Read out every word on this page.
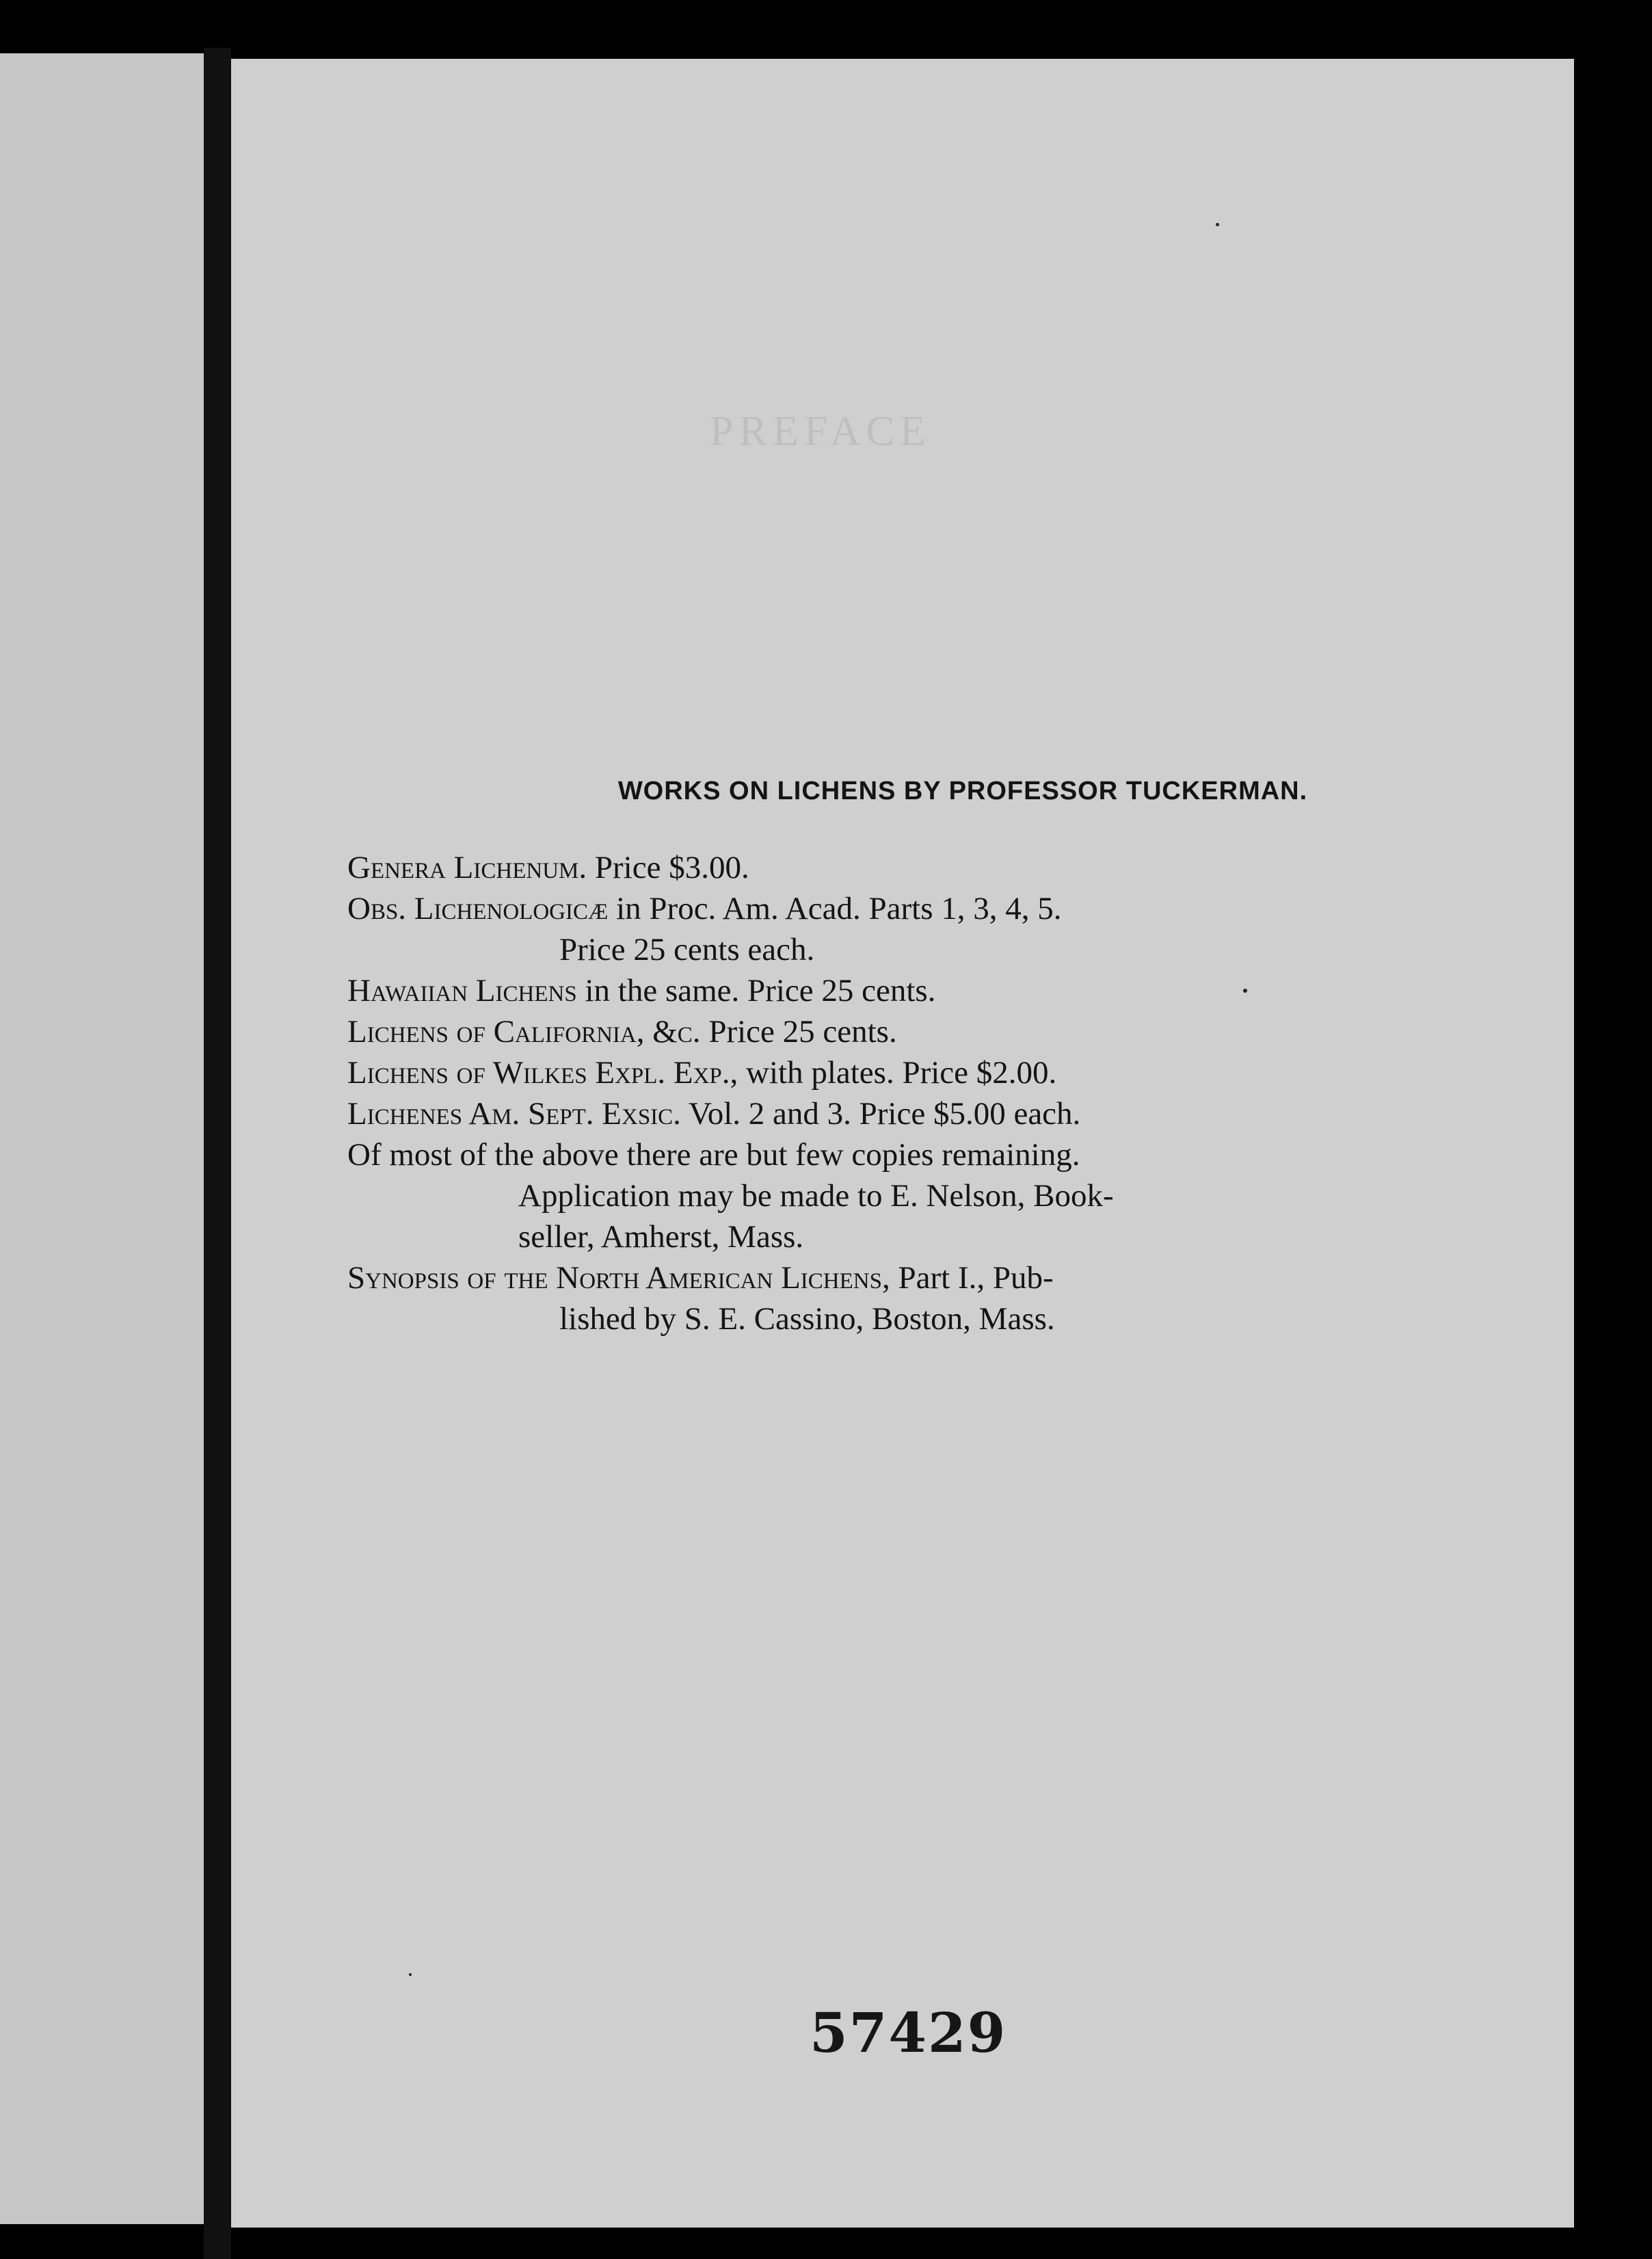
PREFACE
WORKS ON LICHENS BY PROFESSOR TUCKERMAN.

Genera Lichenum. Price $3.00.

Obs. Lichenologicæ in Proc. Am. Acad. Parts 1, 3, 4, 5.
Price 25 cents each.

Hawaiian Lichens in the same. Price 25 cents.

Lichens of California, &c. Price 25 cents.

Lichens of Wilkes Expl. Exp., with plates. Price $2.00.

Lichenes Am. Sept. Exsic. Vol. 2 and 3. Price $5.00 each.

Of most of the above there are but few copies remaining.
Application may be made to E. Nelson, Book-
seller, Amherst, Mass.

Synopsis of the North American Lichens, Part I., Pub-
lished by S. E. Cassino, Boston, Mass.

57429
